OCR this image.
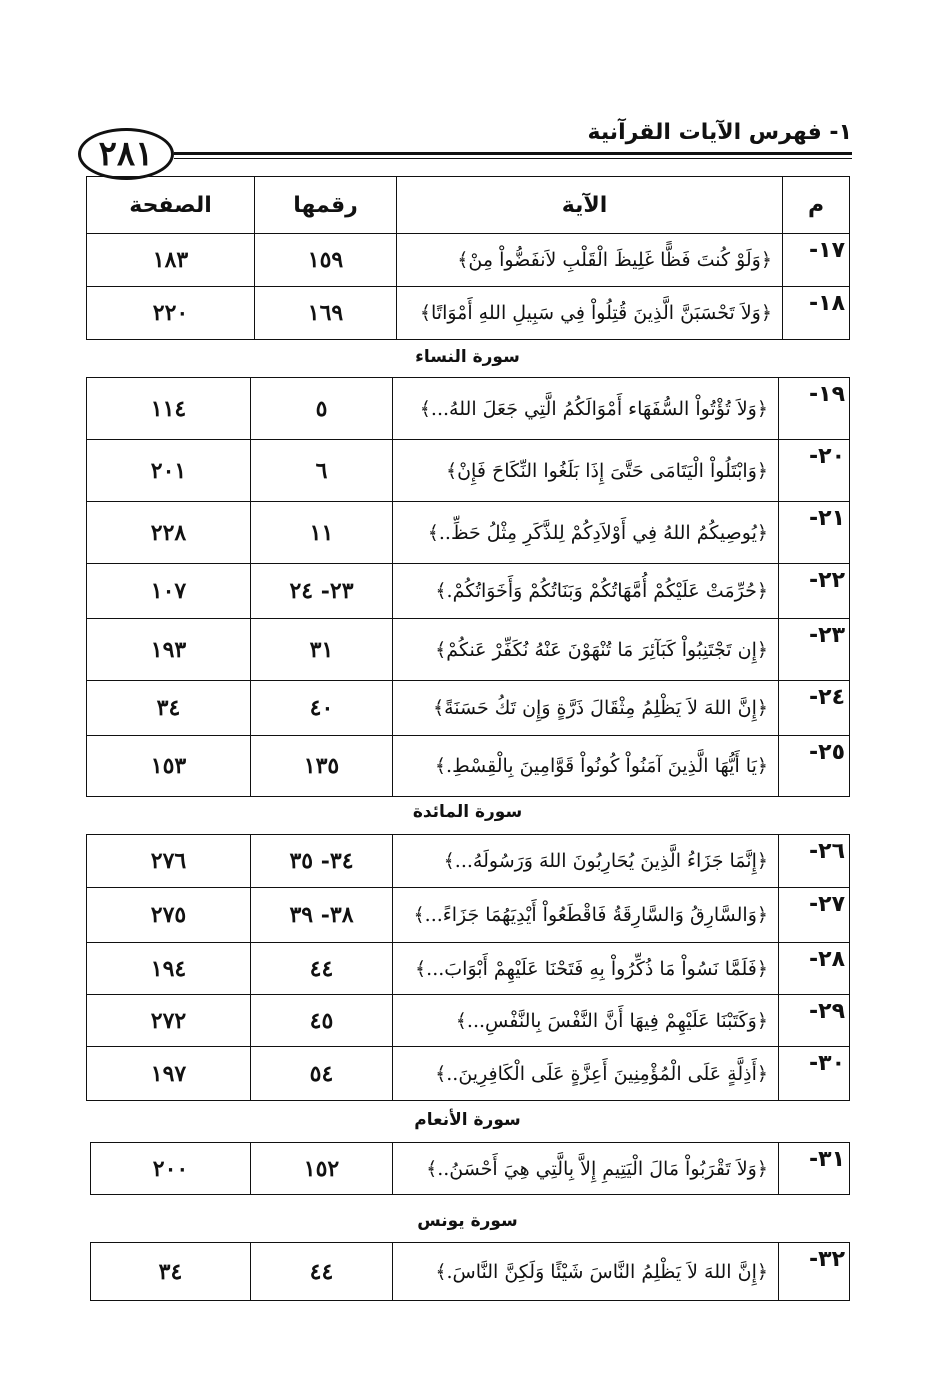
٢٨١
١- فهرس الآيات القرآنية
م	الآية	رقمها	الصفحة
١٧-	﴿وَلَوْ كُنتَ فَظًّا غَلِيظَ الْقَلْبِ لاَنفَضُّواْ مِنْ﴾	١٥٩	١٨٣
١٨-	﴿وَلاَ تَحْسَبَنَّ الَّذِينَ قُتِلُواْ فِي سَبِيلِ اللهِ أَمْوَاتًا﴾	١٦٩	٢٢٠
سورة النساء
١٩-	﴿وَلاَ تُؤْتُواْ السُّفَهَاء أَمْوَالَكُمُ الَّتِي جَعَلَ اللهُ...﴾	٥	١١٤
٢٠-	﴿وَابْتَلُواْ الْيَتَامَى حَتَّىَ إِذَا بَلَغُوا النِّكَاحَ فَإِنْ﴾	٦	٢٠١
٢١-	﴿يُوصِيكُمُ اللهُ فِي أَوْلاَدِكُمْ لِلذَّكَرِ مِثْلُ حَظِّ..﴾	١١	٢٢٨
٢٢-	﴿حُرِّمَتْ عَلَيْكُمْ أُمَّهَاتُكُمْ وَبَنَاتُكُمْ وَأَخَوَاتُكُمْ.﴾	٢٣- ٢٤	١٠٧
٢٣-	﴿إِن تَجْتَنِبُواْ كَبَآئِرَ مَا تُنْهَوْنَ عَنْهُ نُكَفِّرْ عَنكُمْ﴾	٣١	١٩٣
٢٤-	﴿إِنَّ اللهَ لاَ يَظْلِمُ مِثْقَالَ ذَرَّةٍ وَإِن تَكُ حَسَنَةً﴾	٤٠	٣٤
٢٥-	﴿يَا أَيُّهَا الَّذِينَ آمَنُواْ كُونُواْ قَوَّامِينَ بِالْقِسْطِ.﴾	١٣٥	١٥٣
سورة المائدة
٢٦-	﴿إِنَّمَا جَزَاءُ الَّذِينَ يُحَارِبُونَ اللهَ وَرَسُولَهُ...﴾	٣٤- ٣٥	٢٧٦
٢٧-	﴿وَالسَّارِقُ وَالسَّارِقَةُ فَاقْطَعُواْ أَيْدِيَهُمَا جَزَاءً...﴾	٣٨- ٣٩	٢٧٥
٢٨-	﴿فَلَمَّا نَسُواْ مَا ذُكِّرُواْ بِهِ فَتَحْنَا عَلَيْهِمْ أَبْوَابَ...﴾	٤٤	١٩٤
٢٩-	﴿وَكَتَبْنَا عَلَيْهِمْ فِيهَا أَنَّ النَّفْسَ بِالنَّفْسِ...﴾	٤٥	٢٧٢
٣٠-	﴿أَذِلَّةٍ عَلَى الْمُؤْمِنِينَ أَعِزَّةٍ عَلَى الْكَافِرِينَ..﴾	٥٤	١٩٧
سورة الأنعام
٣١-	﴿وَلاَ تَقْرَبُواْ مَالَ الْيَتِيمِ إِلاَّ بِالَّتِي هِيَ أَحْسَنُ..﴾	١٥٢	٢٠٠
سورة يونس
٣٢-	﴿إِنَّ اللهَ لاَ يَظْلِمُ النَّاسَ شَيْئًا وَلَكِنَّ النَّاسَ.﴾	٤٤	٣٤
